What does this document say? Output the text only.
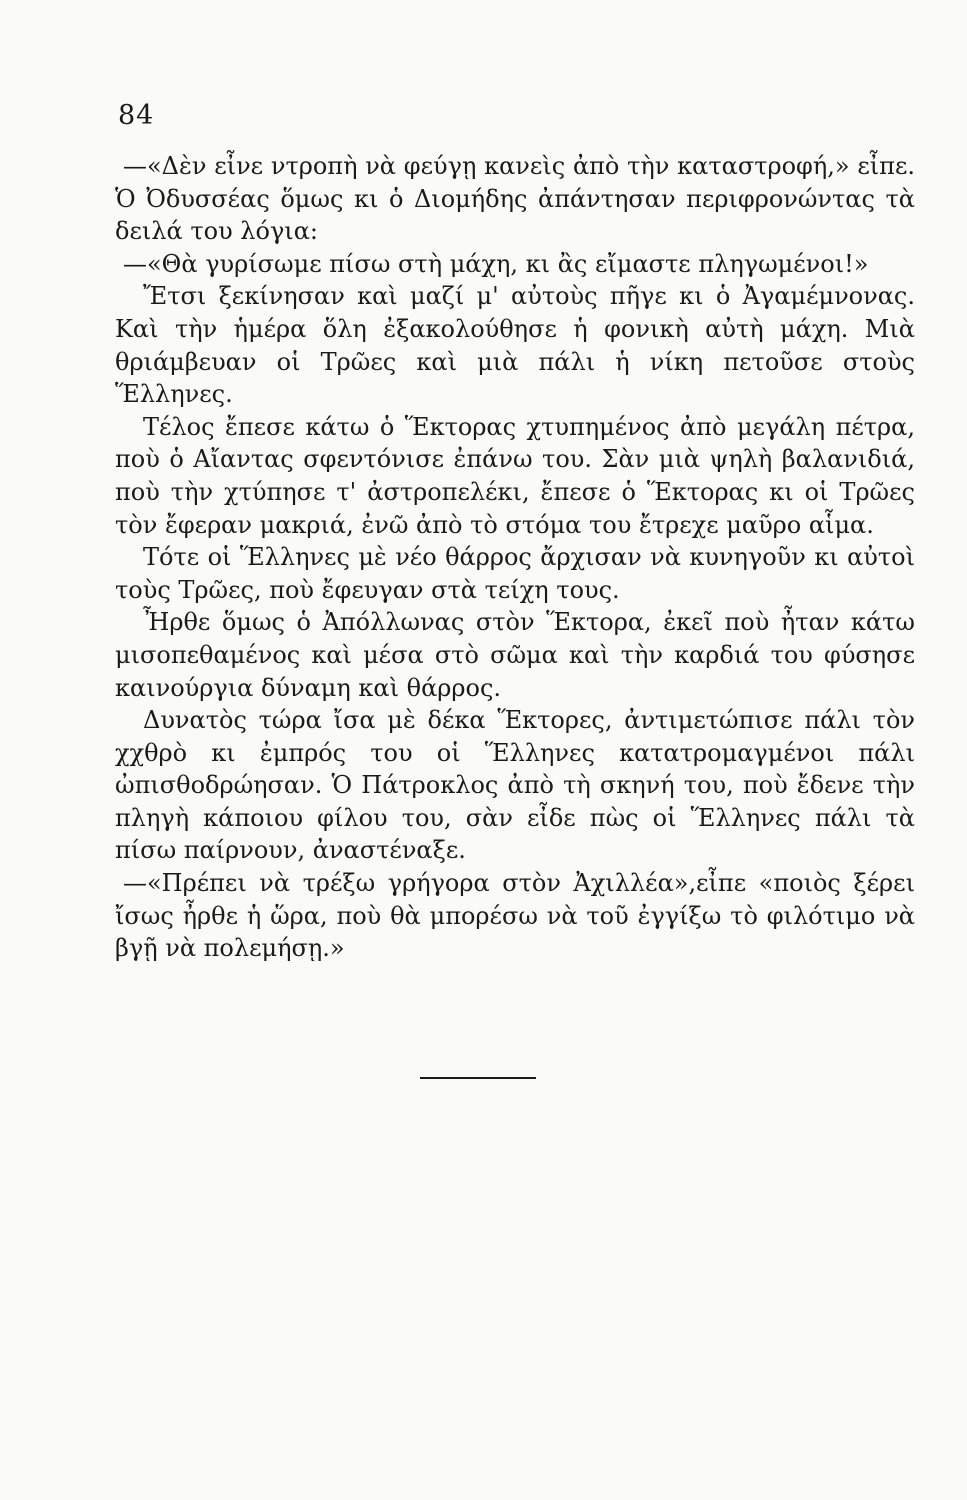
84

—«Δὲν εἶνε ντροπὴ νὰ φεύγῃ κανεὶς ἀπὸ τὴν καταστροφή,» εἶπε. Ὁ Ὀδυσσέας ὅμως κι ὁ Διομήδης ἀπάντησαν περιφρονώντας τὰ δειλά του λόγια:

—«Θὰ γυρίσωμε πίσω στὴ μάχη, κι ἂς εἴμαστε πληγωμένοι!»

Ἔτσι ξεκίνησαν καὶ μαζί μ' αὐτοὺς πῆγε κι ὁ Ἀγαμέμνονας. Καὶ τὴν ἡμέρα ὅλη ἐξακολούθησε ἡ φονικὴ αὐτὴ μάχη. Μιὰ θριάμβευαν οἱ Τρῶες καὶ μιὰ πάλι ἡ νίκη πετοῦσε στοὺς Ἕλληνες.

Τέλος ἔπεσε κάτω ὁ Ἕκτορας χτυπημένος ἀπὸ μεγάλη πέτρα, ποὺ ὁ Αἴαντας σφεντόνισε ἐπάνω του. Σὰν μιὰ ψηλὴ βαλανιδιά, ποὺ τὴν χτύπησε τ' ἀστροπελέκι, ἔπεσε ὁ Ἕκτορας κι οἱ Τρῶες τὸν ἔφεραν μακριά, ἐνῶ ἀπὸ τὸ στόμα του ἔτρεχε μαῦρο αἷμα.

Τότε οἱ Ἕλληνες μὲ νέο θάρρος ἄρχισαν νὰ κυνηγοῦν κι αὐτοὶ τοὺς Τρῶες, ποὺ ἔφευγαν στὰ τείχη τους.

Ἦρθε ὅμως ὁ Ἀπόλλωνας στὸν Ἕκτορα, ἐκεῖ ποὺ ἦταν κάτω μισοπεθαμένος καὶ μέσα στὸ σῶμα καὶ τὴν καρδιά του φύσησε καινούργια δύναμη καὶ θάρρος.

Δυνατὸς τώρα ἴσα μὲ δέκα Ἕκτορες, ἀντιμετώπισε πάλι τὸν χχθρὸ κι ἐμπρός του οἱ Ἕλληνες κατατρομαγμένοι πάλι ὠπισθοδρώησαν. Ὁ Πάτροκλος ἀπὸ τὴ σκηνή του, ποὺ ἔδενε τὴν πληγὴ κάποιου φίλου του, σὰν εἶδε πὼς οἱ Ἕλληνες πάλι τὰ πίσω παίρνουν, ἀναστέναξε.

—«Πρέπει νὰ τρέξω γρήγορα στὸν Ἀχιλλέα»,εἶπε «ποιὸς ξέρει ἴσως ἦρθε ἡ ὥρα, ποὺ θὰ μπορέσω νὰ τοῦ ἐγγίξω τὸ φιλότιμο νὰ βγῇ νὰ πολεμήσῃ.»
